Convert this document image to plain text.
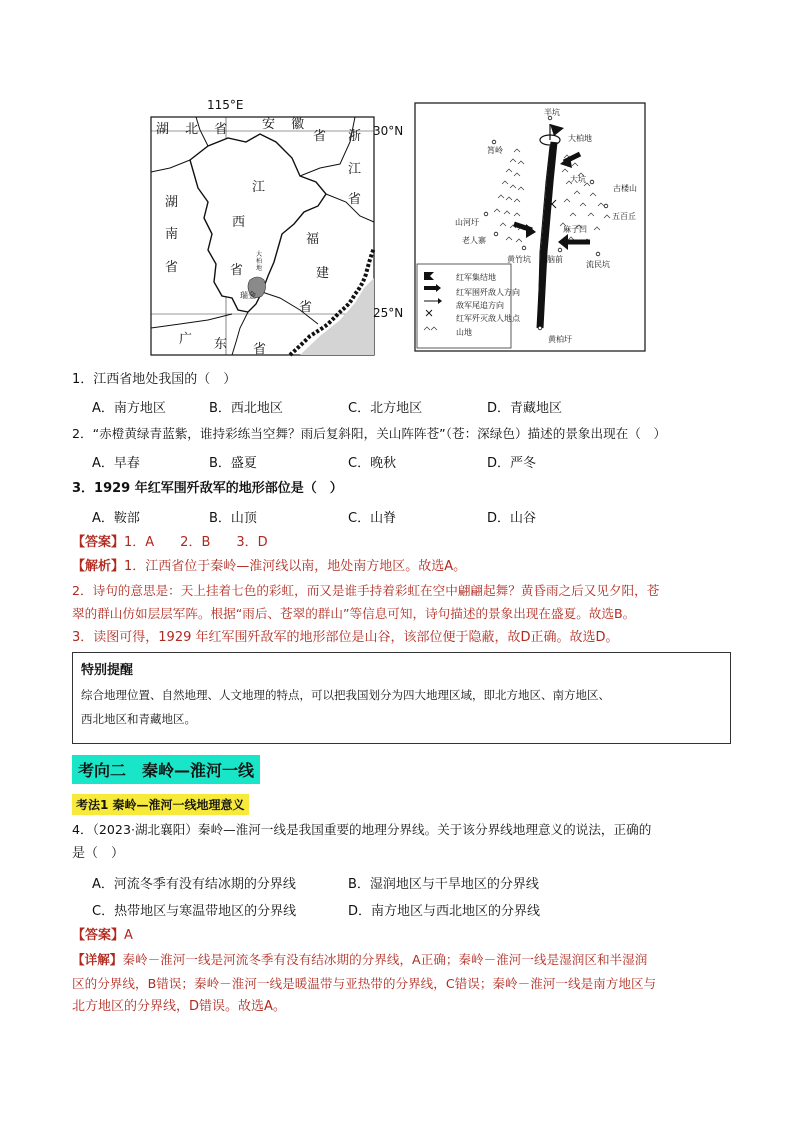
115°E
30°N
25°N
湖 北 省 安 徽
省 浙
江
省
湖
南
省
江
西
省
福
建
省
广 东 省
大柏地
瑞金
半坑
大柏地
筲岭
大坑
古楼山
五百丘
山河圩
老人寨
麻子凹
黄竹坑 脑前
流民坑
黄柏圩
红军集结地
红军围歼敌人方向
敌军尾追方向
红军歼灭敌人地点
山地
1．江西省地处我国的（　）
A．南方地区	B．西北地区	C．北方地区	D．青藏地区
2．“赤橙黄绿青蓝紫，谁持彩练当空舞？雨后复斜阳，关山阵阵苍”（苍：深绿色）描述的景象出现在（　）
A．早春	B．盛夏	C．晚秋	D．严冬
3．1929 年红军围歼敌军的地形部位是（　）
A．鞍部	B．山顶	C．山脊	D．山谷
【答案】1．A　　2．B　　3．D
【解析】1．江西省位于秦岭—淮河线以南，地处南方地区。故选A。
2．诗句的意思是：天上挂着七色的彩虹，而又是谁手持着彩虹在空中翩翩起舞？黄昏雨之后又见夕阳，苍
翠的群山仿如层层军阵。根据“雨后、苍翠的群山”等信息可知，诗句描述的景象出现在盛夏。故选B。
3．读图可得，1929 年红军围歼敌军的地形部位是山谷，该部位便于隐蔽，故D正确。故选D。
特别提醒
综合地理位置、自然地理、人文地理的特点，可以把我国划分为四大地理区域，即北方地区、南方地区、
西北地区和青藏地区。
考向二　秦岭—淮河一线
考法1 秦岭—淮河一线地理意义
4．（2023·湖北襄阳）秦岭—淮河一线是我国重要的地理分界线。关于该分界线地理意义的说法，正确的
是（　）
A．河流冬季有没有结冰期的分界线	B．湿润地区与干旱地区的分界线
C．热带地区与寒温带地区的分界线	D．南方地区与西北地区的分界线
【答案】A
【详解】秦岭－淮河一线是河流冬季有没有结冰期的分界线，A正确；秦岭－淮河一线是湿润区和半湿润
区的分界线，B错误；秦岭－淮河一线是暖温带与亚热带的分界线，C错误；秦岭－淮河一线是南方地区与
北方地区的分界线，D错误。故选A。
